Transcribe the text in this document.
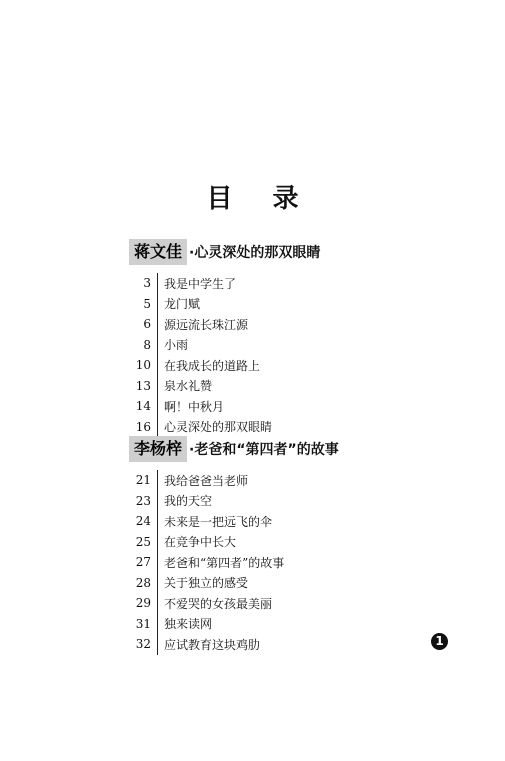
目 录
蒋文佳 ·心灵深处的那双眼睛
3	我是中学生了
5	龙门赋
6	源远流长珠江源
8	小雨
10	在我成长的道路上
13	泉水礼赞
14	啊！中秋月
16	心灵深处的那双眼睛
李杨梓 ·老爸和“第四者”的故事
21	我给爸爸当老师
23	我的天空
24	未来是一把远飞的伞
25	在竞争中长大
27	老爸和“第四者”的故事
28	关于独立的感受
29	不爱哭的女孩最美丽
31	独来读网
32	应试教育这块鸡肋	1
